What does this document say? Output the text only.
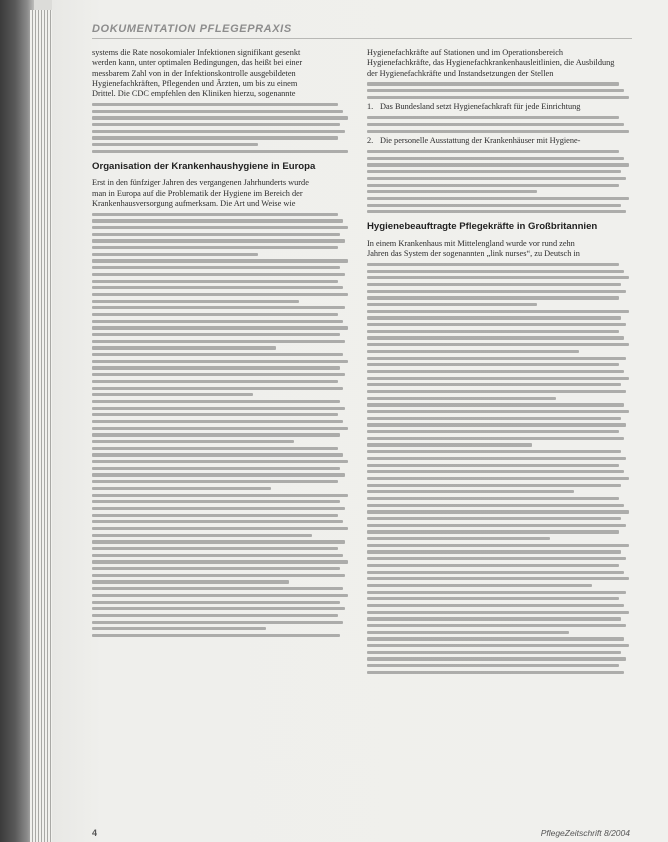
DOKUMENTATION PFLEGEPRAXIS
systems die Rate nosokomialer Infektionen signifikant gesenkt
werden kann, unter optimalen Bedingungen, das heißt bei einer
messbarem Zahl von in der Infektionskontrolle ausgebildeten
Hygienefachkräften, Pflegenden und Ärzten, um bis zu einem
Drittel. Die CDC empfehlen den Kliniken hierzu, sogenannte
Organisation der Krankenhaushygiene in Europa
Erst in den fünfziger Jahren des vergangenen Jahrhunderts wurde
man in Europa auf die Problematik der Hygiene im Bereich der
Krankenhausversorgung aufmerksam. Die Art und Weise wie
Hygienefachkräfte auf Stationen und im Operationsbereich
Hygienefachkräfte, das Hygienefachkrankenhausleitlinien, die Ausbildung
der Hygienefachkräfte und Instandsetzungen der Stellen
1. Das Bundesland setzt Hygienefachkraft für jede Einrichtung
2. Die personelle Ausstattung der Krankenhäuser mit Hygiene-
Hygienebeauftragte Pflegekräfte in Großbritannien
In einem Krankenhaus mit Mittelengland wurde vor rund zehn
Jahren das System der sogenannten „link nurses“, zu Deutsch in
4	PflegeZeitschrift 8/2004
